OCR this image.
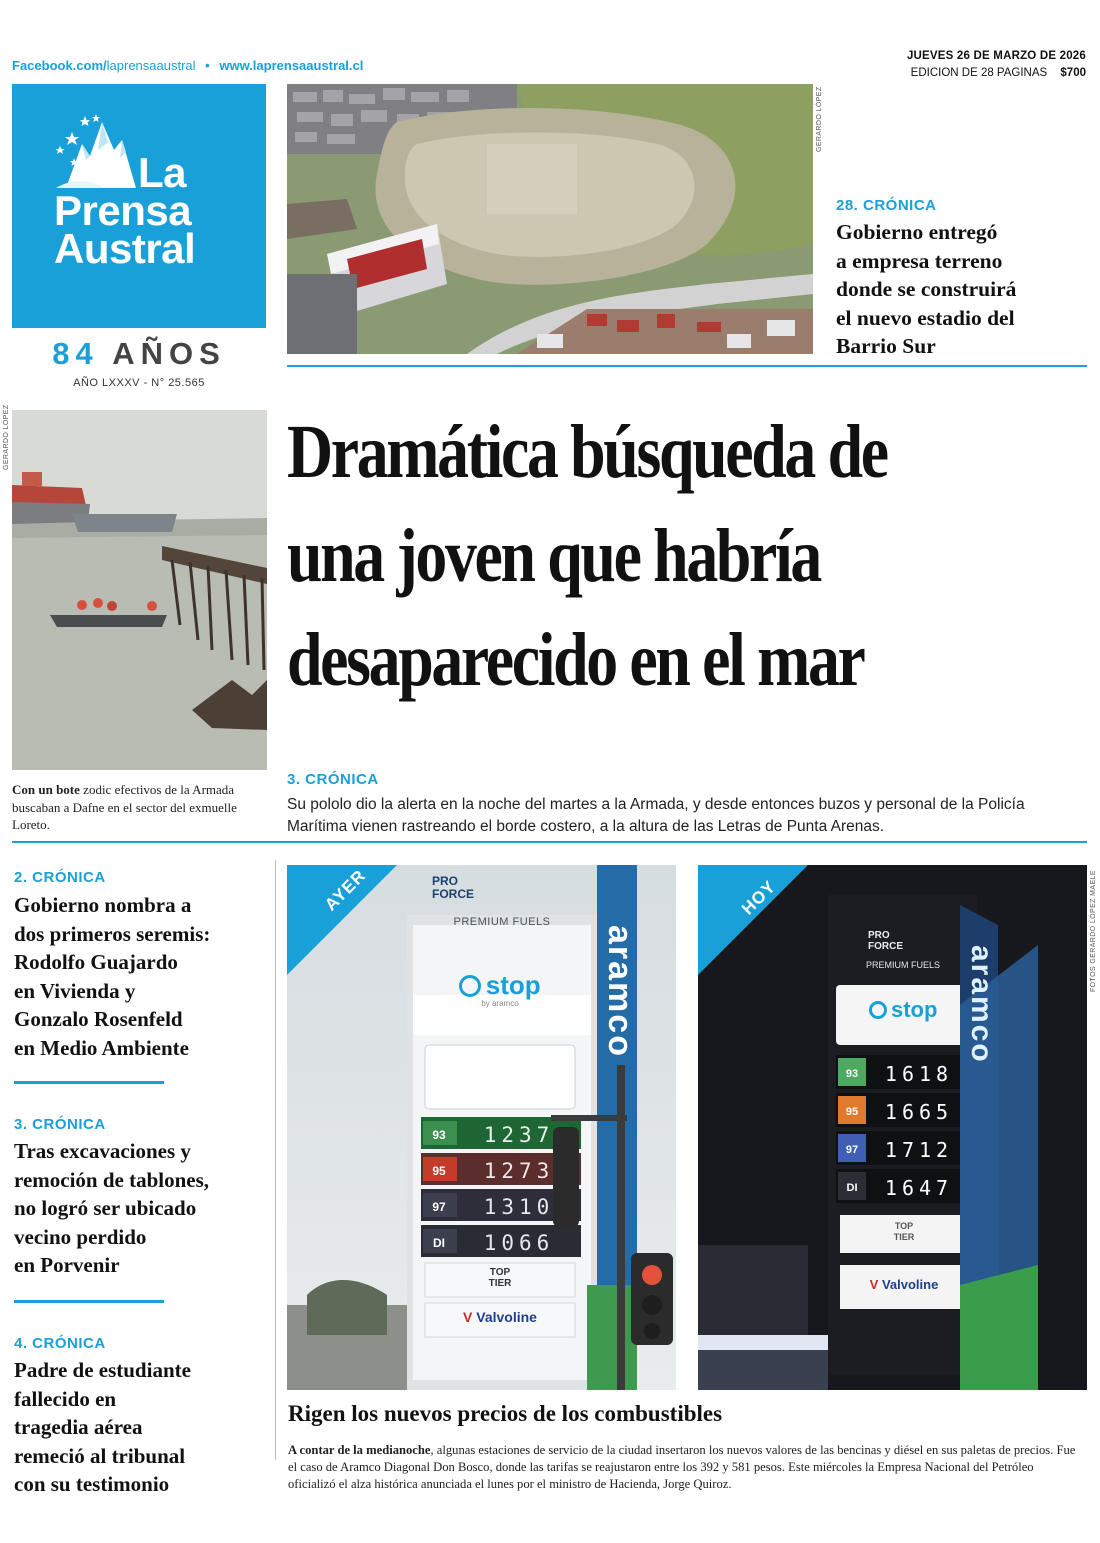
Facebook.com/laprensaaustral • www.laprensaaustral.cl
JUEVES 26 DE MARZO DE 2026
EDICION DE 28 PAGINAS $700
La
Prensa
Austral
84 AÑOS
AÑO LXXXV - N° 25.565
GERARDO LÓPEZ
28. CRÓNICA
Gobierno entregó
a empresa terreno
donde se construirá
el nuevo estadio del
Barrio Sur
GERARDO LÓPEZ
Con un bote zodic efectivos de la Armada buscaban a Dafne en el sector del exmuelle Loreto.
Dramática búsqueda de
una joven que habría
desaparecido en el mar
3. CRÓNICA
Su pololo dio la alerta en la noche del martes a la Armada, y desde entonces buzos y personal de la Policía Marítima vienen rastreando el borde costero, a la altura de las Letras de Punta Arenas.
2. CRÓNICA
Gobierno nombra a
dos primeros seremis:
Rodolfo Guajardo
en Vivienda y
Gonzalo Rosenfeld
en Medio Ambiente
3. CRÓNICA
Tras excavaciones y
remoción de tablones,
no logró ser ubicado
vecino perdido
en Porvenir
4. CRÓNICA
Padre de estudiante
fallecido en
tragedia aérea
remeció al tribunal
con su testimonio
AYER	PRO
FORCE
PREMIUM FUELS
stop
by aramco
93	1237
95	1273
97	1310
DI	1066
TOP
TIER
V Valvoline
aramco
HOY
PRO
FORCE
PREMIUM FUELS
stop
93	1618
95	1665
97	1712
DI	1647
TOP
TIER
V Valvoline
aramco
FOTOS GERARDO LÓPEZ MAELE
Rigen los nuevos precios de los combustibles
A contar de la medianoche, algunas estaciones de servicio de la ciudad insertaron los nuevos valores de las bencinas y diésel en sus paletas de precios. Fue el caso de Aramco Diagonal Don Bosco, donde las tarifas se reajustaron entre los 392 y 581 pesos. Este miércoles la Empresa Nacional del Petróleo oficializó el alza histórica anunciada el lunes por el ministro de Hacienda, Jorge Quiroz.
